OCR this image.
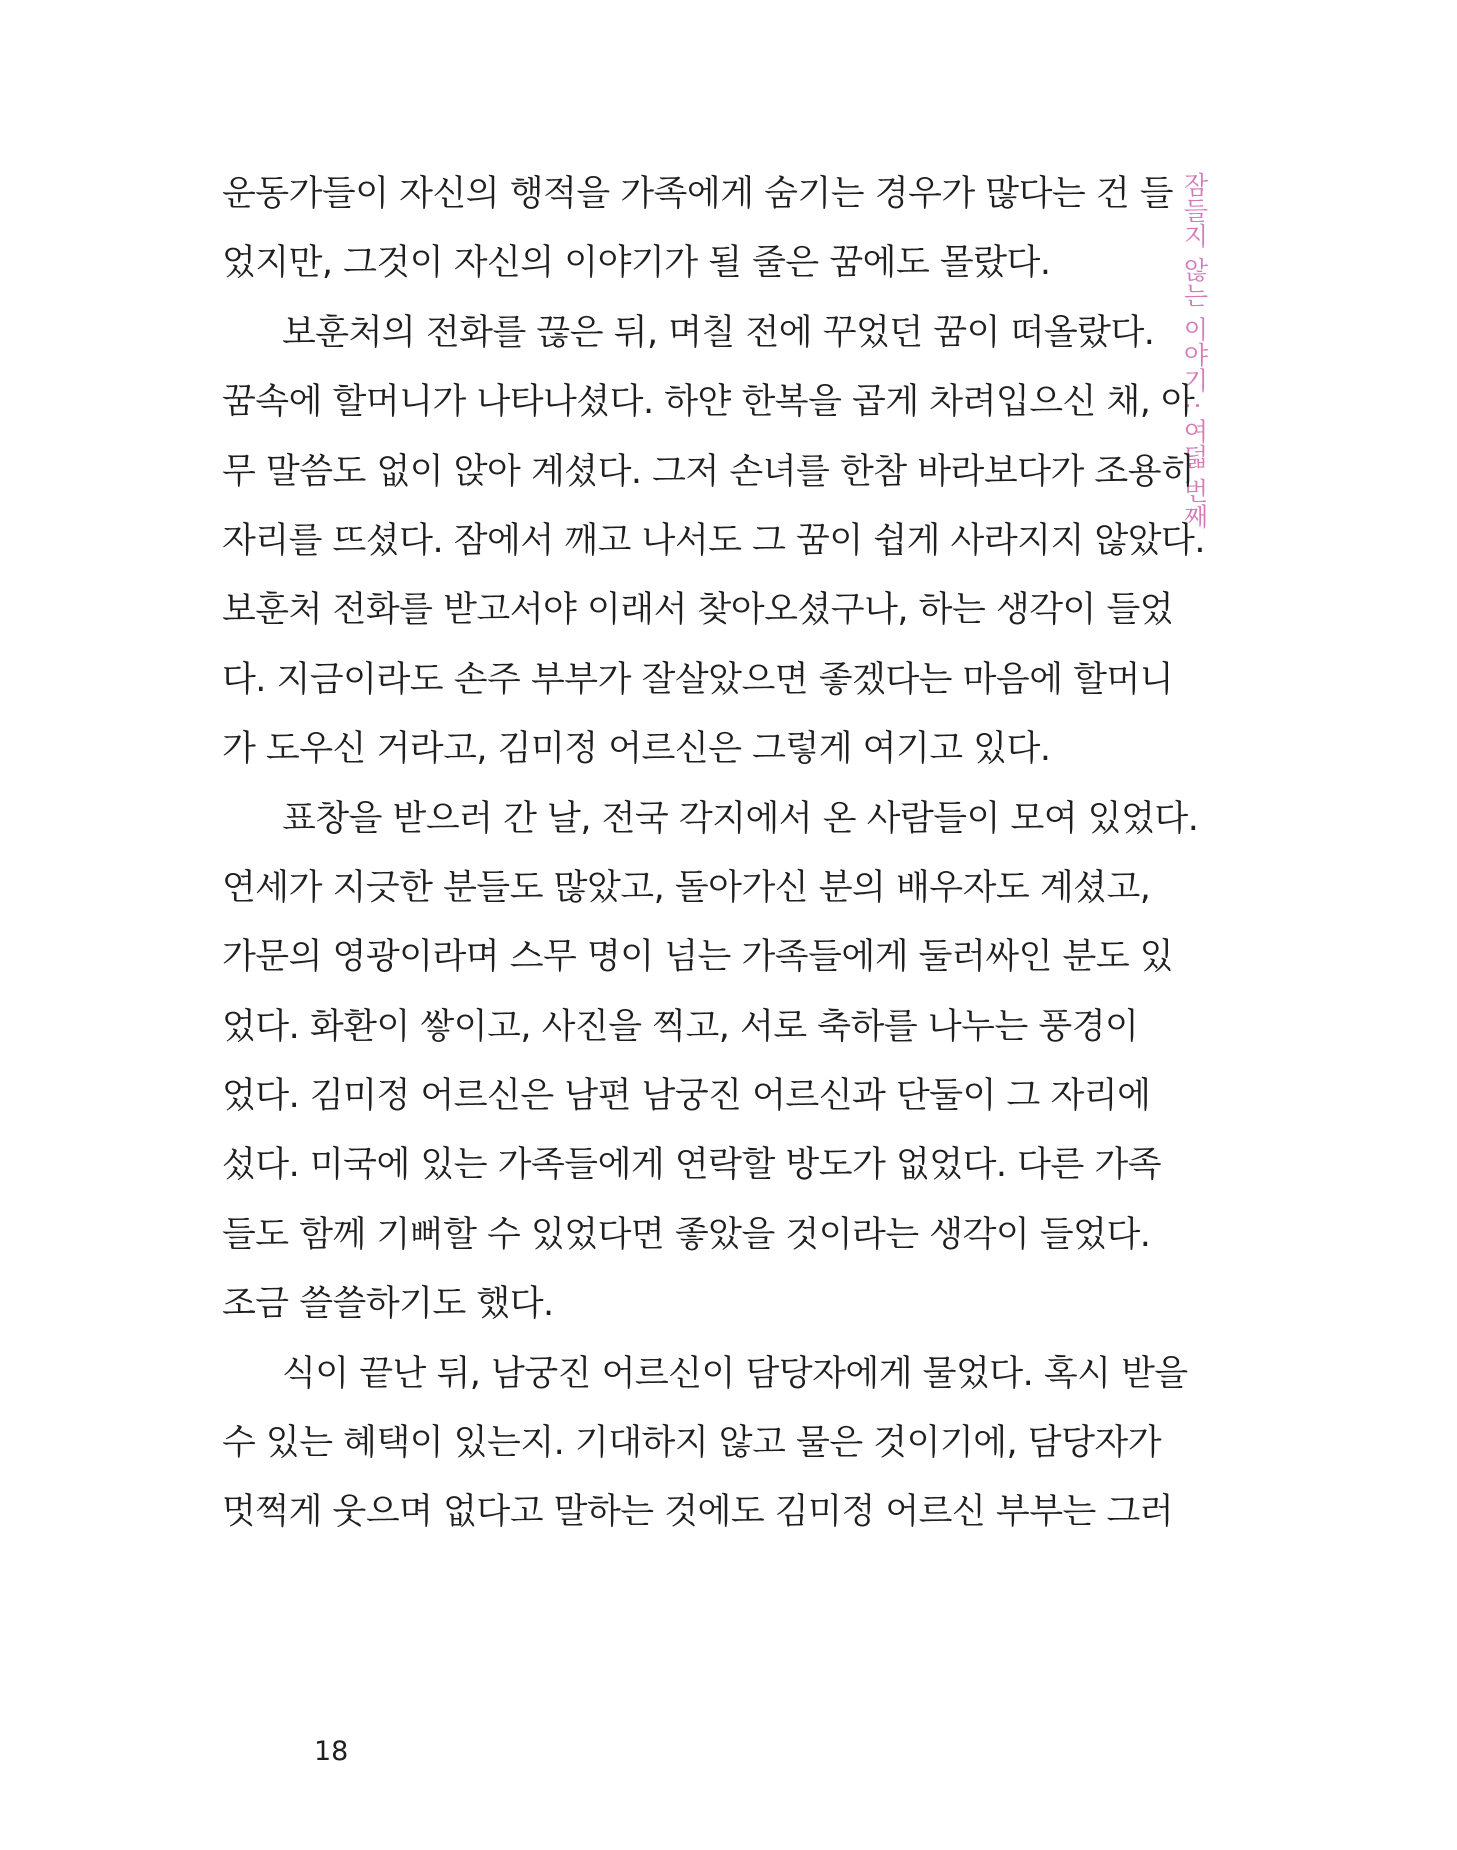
잠들지 않는 이야기 : 여덟 번째
운동가들이 자신의 행적을 가족에게 숨기는 경우가 많다는 건 들
었지만, 그것이 자신의 이야기가 될 줄은 꿈에도 몰랐다.
보훈처의 전화를 끊은 뒤, 며칠 전에 꾸었던 꿈이 떠올랐다.
꿈속에 할머니가 나타나셨다. 하얀 한복을 곱게 차려입으신 채, 아
무 말씀도 없이 앉아 계셨다. 그저 손녀를 한참 바라보다가 조용히
자리를 뜨셨다. 잠에서 깨고 나서도 그 꿈이 쉽게 사라지지 않았다.
보훈처 전화를 받고서야 이래서 찾아오셨구나, 하는 생각이 들었
다. 지금이라도 손주 부부가 잘살았으면 좋겠다는 마음에 할머니
가 도우신 거라고, 김미정 어르신은 그렇게 여기고 있다.
표창을 받으러 간 날, 전국 각지에서 온 사람들이 모여 있었다.
연세가 지긋한 분들도 많았고, 돌아가신 분의 배우자도 계셨고,
가문의 영광이라며 스무 명이 넘는 가족들에게 둘러싸인 분도 있
었다. 화환이 쌓이고, 사진을 찍고, 서로 축하를 나누는 풍경이
었다. 김미정 어르신은 남편 남궁진 어르신과 단둘이 그 자리에
섰다. 미국에 있는 가족들에게 연락할 방도가 없었다. 다른 가족
들도 함께 기뻐할 수 있었다면 좋았을 것이라는 생각이 들었다.
조금 쓸쓸하기도 했다.
식이 끝난 뒤, 남궁진 어르신이 담당자에게 물었다. 혹시 받을
수 있는 혜택이 있는지. 기대하지 않고 물은 것이기에, 담당자가
멋쩍게 웃으며 없다고 말하는 것에도 김미정 어르신 부부는 그러
18
